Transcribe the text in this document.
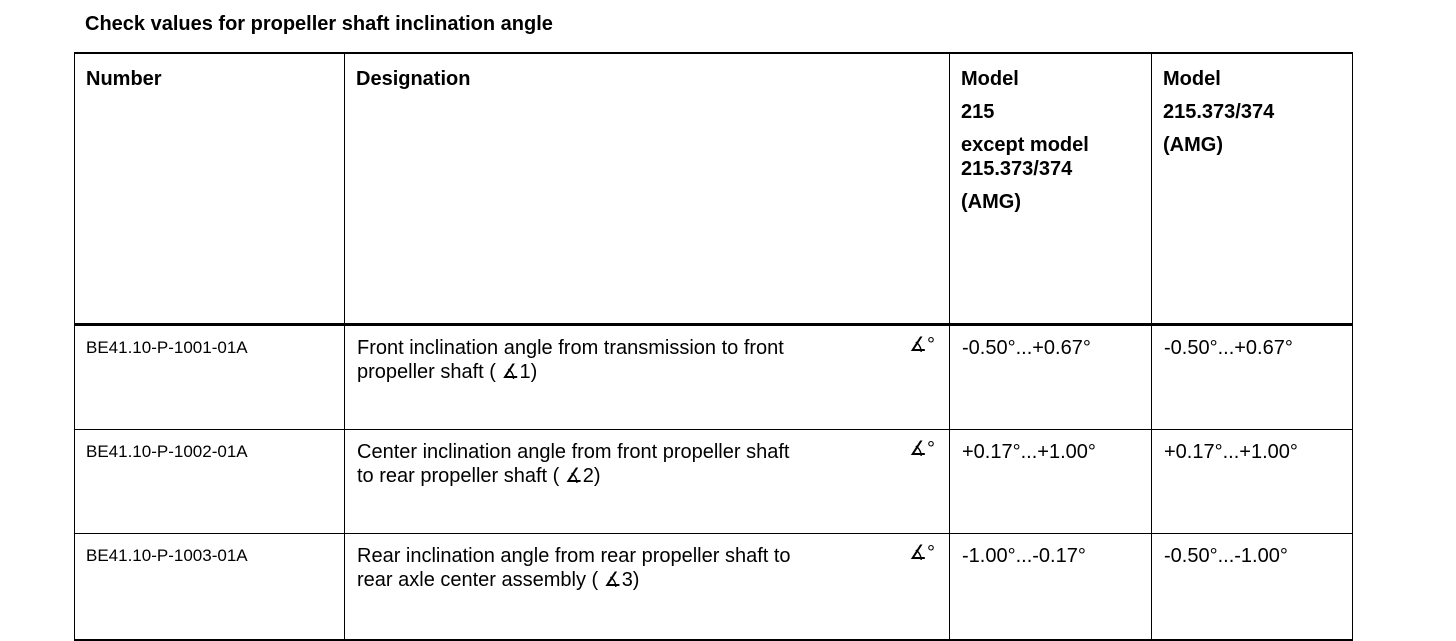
Check values for propeller shaft inclination angle
Number	Designation	Model
215
except model
215.373/374
(AMG)	Model
215.373/374
(AMG)

BE41.10-P-1001-01A	Front inclination angle from transmission to front
propeller shaft ( ∡1)
∡°	-0.50°...+0.67°	-0.50°...+0.67°
BE41.10-P-1002-01A	Center inclination angle from front propeller shaft
to rear propeller shaft ( ∡2)
∡°	+0.17°...+1.00°	+0.17°...+1.00°
BE41.10-P-1003-01A	Rear inclination angle from rear propeller shaft to
rear axle center assembly ( ∡3)
∡°	-1.00°...-0.17°	-0.50°...-1.00°
